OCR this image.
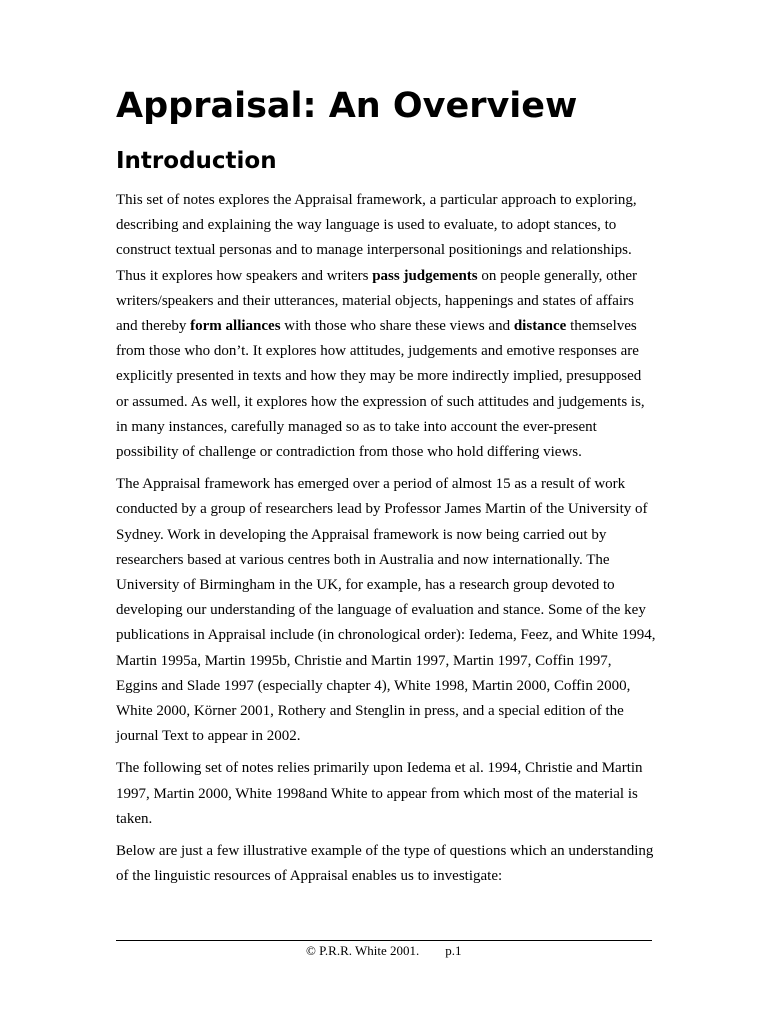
Appraisal: An Overview
Introduction

This set of notes explores the Appraisal framework, a particular approach to exploring, describing and explaining the way language is used to evaluate, to adopt stances, to construct textual personas and to manage interpersonal positionings and relationships. Thus it explores how speakers and writers pass judgements on people generally, other writers/speakers and their utterances, material objects, happenings and states of affairs and thereby form alliances with those who share these views and distance themselves from those who don’t. It explores how attitudes, judgements and emotive responses are explicitly presented in texts and how they may be more indirectly implied, presupposed or assumed. As well, it explores how the expression of such attitudes and judgements is, in many instances, carefully managed so as to take into account the ever-present possibility of challenge or contradiction from those who hold differing views.

The Appraisal framework has emerged over a period of almost 15 as a result of work conducted by a group of researchers lead by Professor James Martin of the University of Sydney. Work in developing the Appraisal framework is now being carried out by researchers based at various centres both in Australia and now internationally. The University of Birmingham in the UK, for example, has a research group devoted to developing our understanding of the language of evaluation and stance. Some of the key publications in Appraisal include (in chronological order): Iedema, Feez, and White 1994, Martin 1995a, Martin 1995b, Christie and Martin 1997, Martin 1997, Coffin 1997, Eggins and Slade 1997 (especially chapter 4), White 1998, Martin 2000, Coffin 2000, White 2000, Körner 2001, Rothery and Stenglin in press, and a special edition of the journal Text to appear in 2002.

The following set of notes relies primarily upon Iedema et al. 1994, Christie and Martin 1997, Martin 2000, White 1998and White to appear from which most of the material is taken.

Below are just a few illustrative example of the type of questions which an understanding of the linguistic resources of Appraisal enables us to investigate:

© P.R.R. White 2001. p.1
